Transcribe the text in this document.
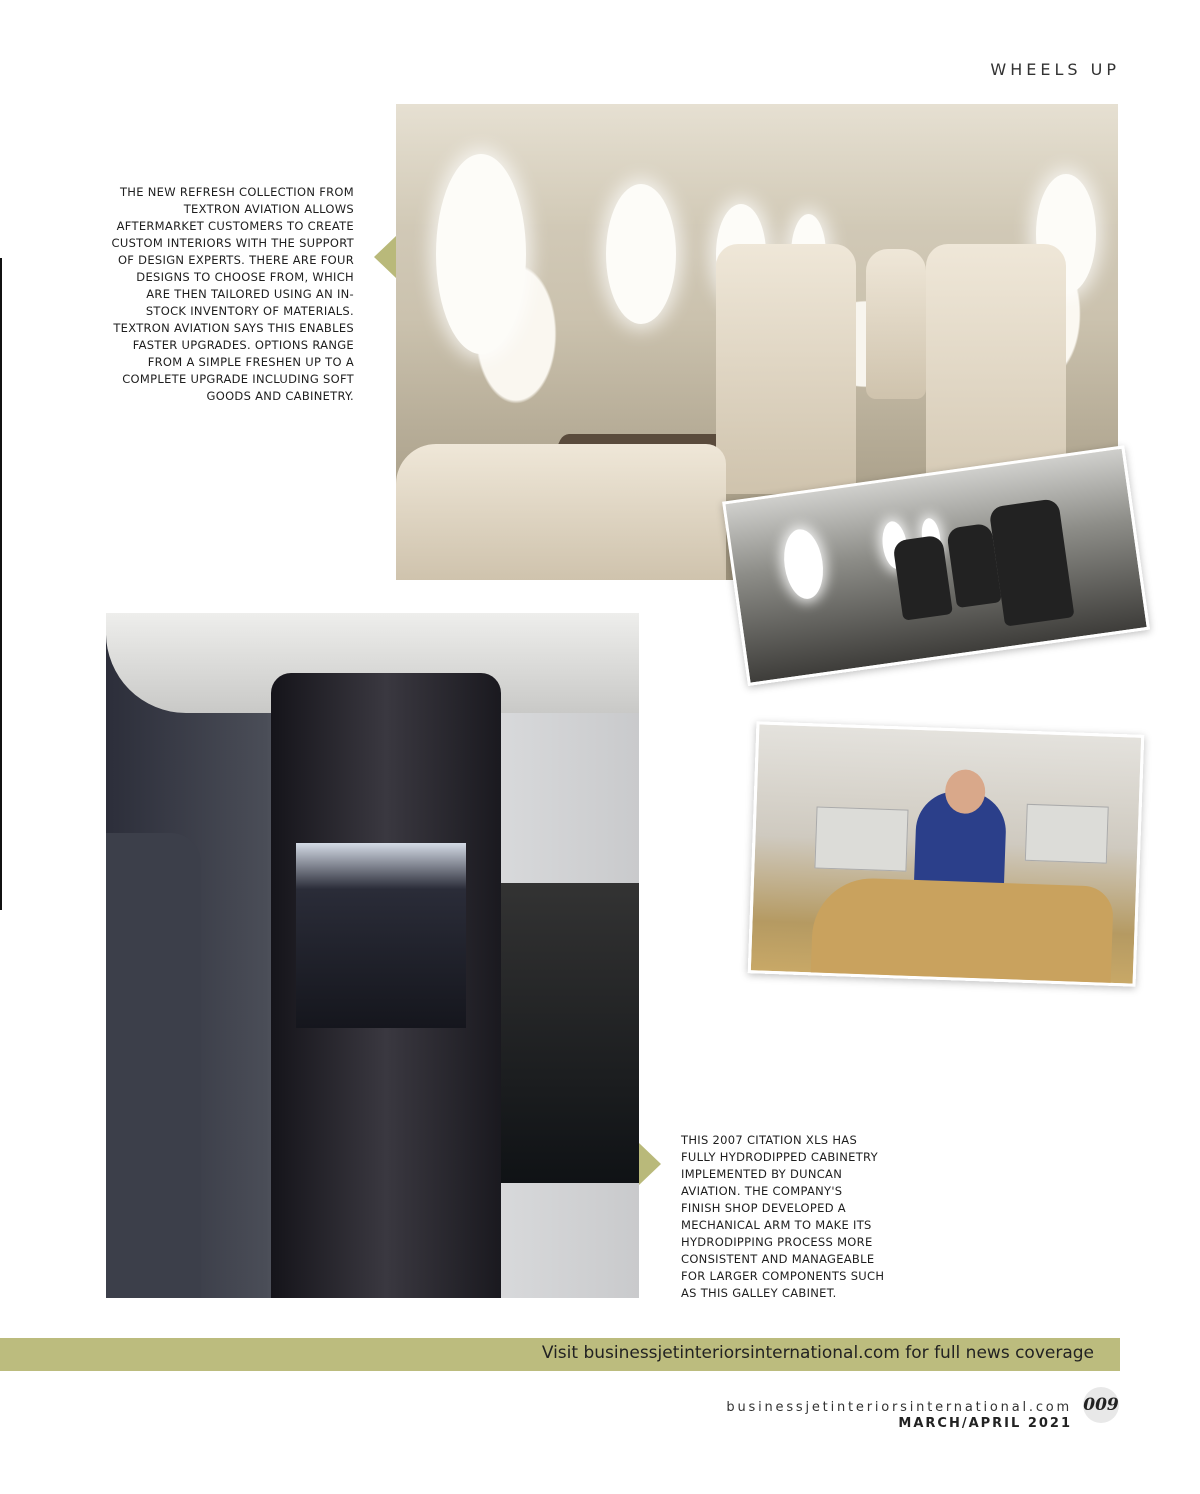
WHEELS UP
THE NEW REFRESH COLLECTION FROM TEXTRON AVIATION ALLOWS AFTERMARKET CUSTOMERS TO CREATE CUSTOM INTERIORS WITH THE SUPPORT OF DESIGN EXPERTS. THERE ARE FOUR DESIGNS TO CHOOSE FROM, WHICH ARE THEN TAILORED USING AN IN-STOCK INVENTORY OF MATERIALS. TEXTRON AVIATION SAYS THIS ENABLES FASTER UPGRADES. OPTIONS RANGE FROM A SIMPLE FRESHEN UP TO A COMPLETE UPGRADE INCLUDING SOFT GOODS AND CABINETRY.
THIS 2007 CITATION XLS HAS FULLY HYDRODIPPED CABINETRY IMPLEMENTED BY DUNCAN AVIATION. THE COMPANY'S FINISH SHOP DEVELOPED A MECHANICAL ARM TO MAKE ITS HYDRODIPPING PROCESS MORE CONSISTENT AND MANAGEABLE FOR LARGER COMPONENTS SUCH AS THIS GALLEY CABINET.
Visit businessjetinteriorsinternational.com for full news coverage
businessjetinteriorsinternational.com
MARCH/APRIL 2021
009
